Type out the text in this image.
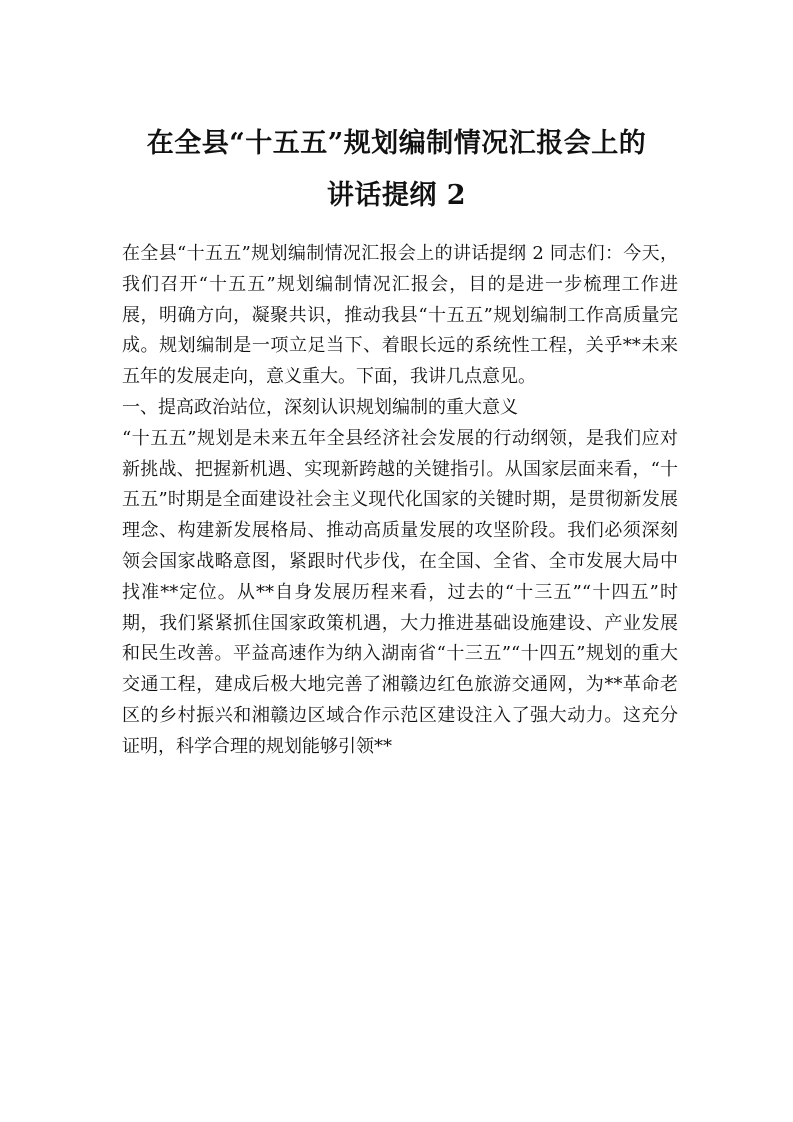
在全县“十五五”规划编制情况汇报会上的
讲话提纲 2

在全县“十五五”规划编制情况汇报会上的讲话提纲 2 同志们：今天，我们召开“十五五”规划编制情况汇报会，目的是进一步梳理工作进展，明确方向，凝聚共识，推动我县“十五五”规划编制工作高质量完成。规划编制是一项立足当下、着眼长远的系统性工程，关乎**未来五年的发展走向，意义重大。下面，我讲几点意见。

一、提高政治站位，深刻认识规划编制的重大意义

“十五五”规划是未来五年全县经济社会发展的行动纲领，是我们应对新挑战、把握新机遇、实现新跨越的关键指引。从国家层面来看，“十五五”时期是全面建设社会主义现代化国家的关键时期，是贯彻新发展理念、构建新发展格局、推动高质量发展的攻坚阶段。我们必须深刻领会国家战略意图，紧跟时代步伐，在全国、全省、全市发展大局中找准**定位。从**自身发展历程来看，过去的“十三五”“十四五”时期，我们紧紧抓住国家政策机遇，大力推进基础设施建设、产业发展和民生改善。平益高速作为纳入湖南省“十三五”“十四五”规划的重大交通工程，建成后极大地完善了湘赣边红色旅游交通网，为**革命老区的乡村振兴和湘赣边区域合作示范区建设注入了强大动力。这充分证明，科学合理的规划能够引领**
